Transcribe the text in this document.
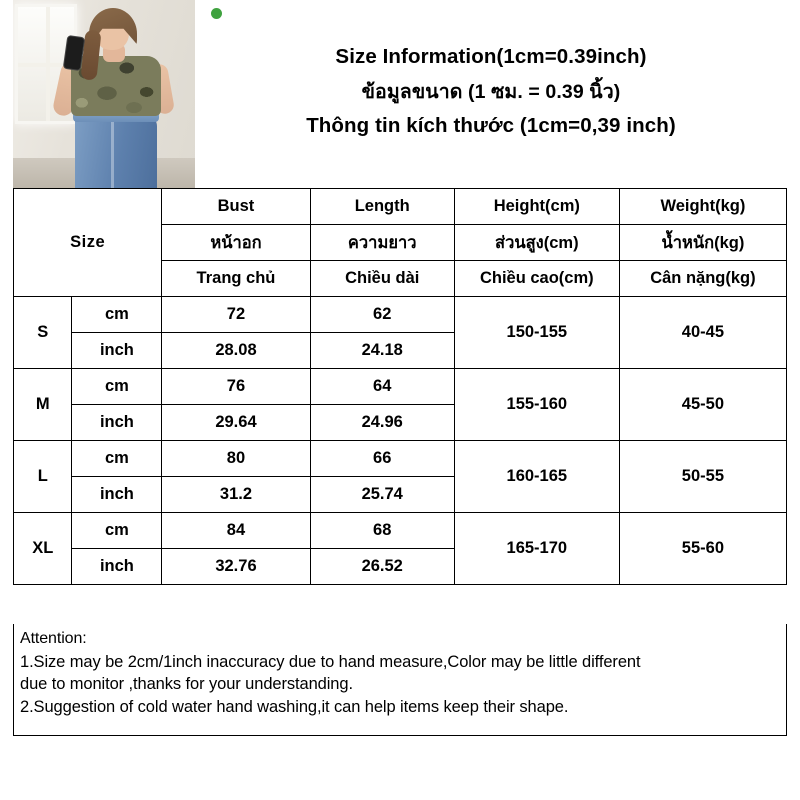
Size Information(1cm=0.39inch)
ข้อมูลขนาด (1 ซม. = 0.39 นิ้ว)
Thông tin kích thước (1cm=0,39 inch)
Size		Bust	Length	Height(cm)	Weight(kg)
		หน้าอก	ความยาว	ส่วนสูง(cm)	น้ำหนัก(kg)
		Trang chủ	Chiều dài	Chiều cao(cm)	Cân nặng(kg)
S	cm	72	62	150-155	40-45
	inch	28.08	24.18		
M	cm	76	64	155-160	45-50
	inch	29.64	24.96		
L	cm	80	66	160-165	50-55
	inch	31.2	25.74		
XL	cm	84	68	165-170	55-60
	inch	32.76	26.52		

Attention:

1.Size may be 2cm/1inch inaccuracy due to hand measure,Color may be little different

due to monitor ,thanks for your understanding.

2.Suggestion of cold water hand washing,it can help items keep their shape.
